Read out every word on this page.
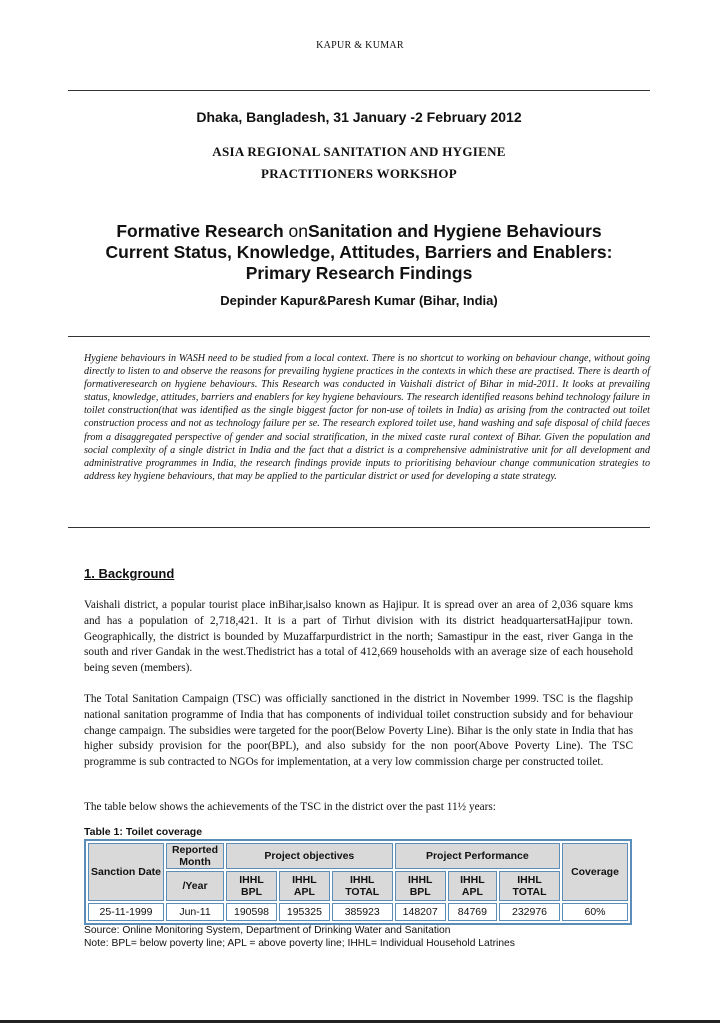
KAPUR & KUMAR
Dhaka, Bangladesh, 31 January -2 February 2012
ASIA REGIONAL SANITATION AND HYGIENE
PRACTITIONERS WORKSHOP
Formative Research onSanitation and Hygiene Behaviours
Current Status, Knowledge, Attitudes, Barriers and Enablers:
Primary Research Findings
Depinder Kapur&Paresh Kumar (Bihar, India)
Hygiene behaviours in WASH need to be studied from a local context. There is no shortcut to working on behaviour change, without going directly to listen to and observe the reasons for prevailing hygiene practices in the contexts in which these are practised. There is dearth of formativeresearch on hygiene behaviours. This Research was conducted in Vaishali district of Bihar in mid-2011. It looks at prevailing status, knowledge, attitudes, barriers and enablers for key hygiene behaviours. The research identified reasons behind technology failure in toilet construction(that was identified as the single biggest factor for non-use of toilets in India) as arising from the contracted out toilet construction process and not as technology failure per se. The research explored toilet use, hand washing and safe disposal of child faeces from a disaggregated perspective of gender and social stratification, in the mixed caste rural context of Bihar. Given the population and social complexity of a single district in India and the fact that a district is a comprehensive administrative unit for all development and administrative programmes in India, the research findings provide inputs to prioritising behaviour change communication strategies to address key hygiene behaviours, that may be applied to the particular district or used for developing a state strategy.
1. Background
Vaishali district, a popular tourist place inBihar,isalso known as Hajipur. It is spread over an area of 2,036 square kms and has a population of 2,718,421. It is a part of Tirhut division with its district headquartersatHajipur town. Geographically, the district is bounded by Muzaffarpurdistrict in the north; Samastipur in the east, river Ganga in the south and river Gandak in the west.Thedistrict has a total of 412,669 households with an average size of each household being seven (members).
The Total Sanitation Campaign (TSC) was officially sanctioned in the district in November 1999. TSC is the flagship national sanitation programme of India that has components of individual toilet construction subsidy and for behaviour change campaign. The subsidies were targeted for the poor(Below Poverty Line). Bihar is the only state in India that has higher subsidy provision for the poor(BPL), and also subsidy for the non poor(Above Poverty Line). The TSC programme is sub contracted to NGOs for implementation, at a very low commission charge per constructed toilet.
The table below shows the achievements of the TSC in the district over the past 11½ years:
Table 1: Toilet coverage
Sanction Date	Reported Month	Project objectives			Project Performance			Coverage
	/Year	IHHL BPL	IHHL APL	IHHL TOTAL	IHHL BPL	IHHL APL	IHHL TOTAL	
25-11-1999	Jun-11	190598	195325	385923	148207	84769	232976	60%
Source: Online Monitoring System, Department of Drinking Water and Sanitation
Note: BPL= below poverty line; APL = above poverty line; IHHL= Individual Household Latrines
